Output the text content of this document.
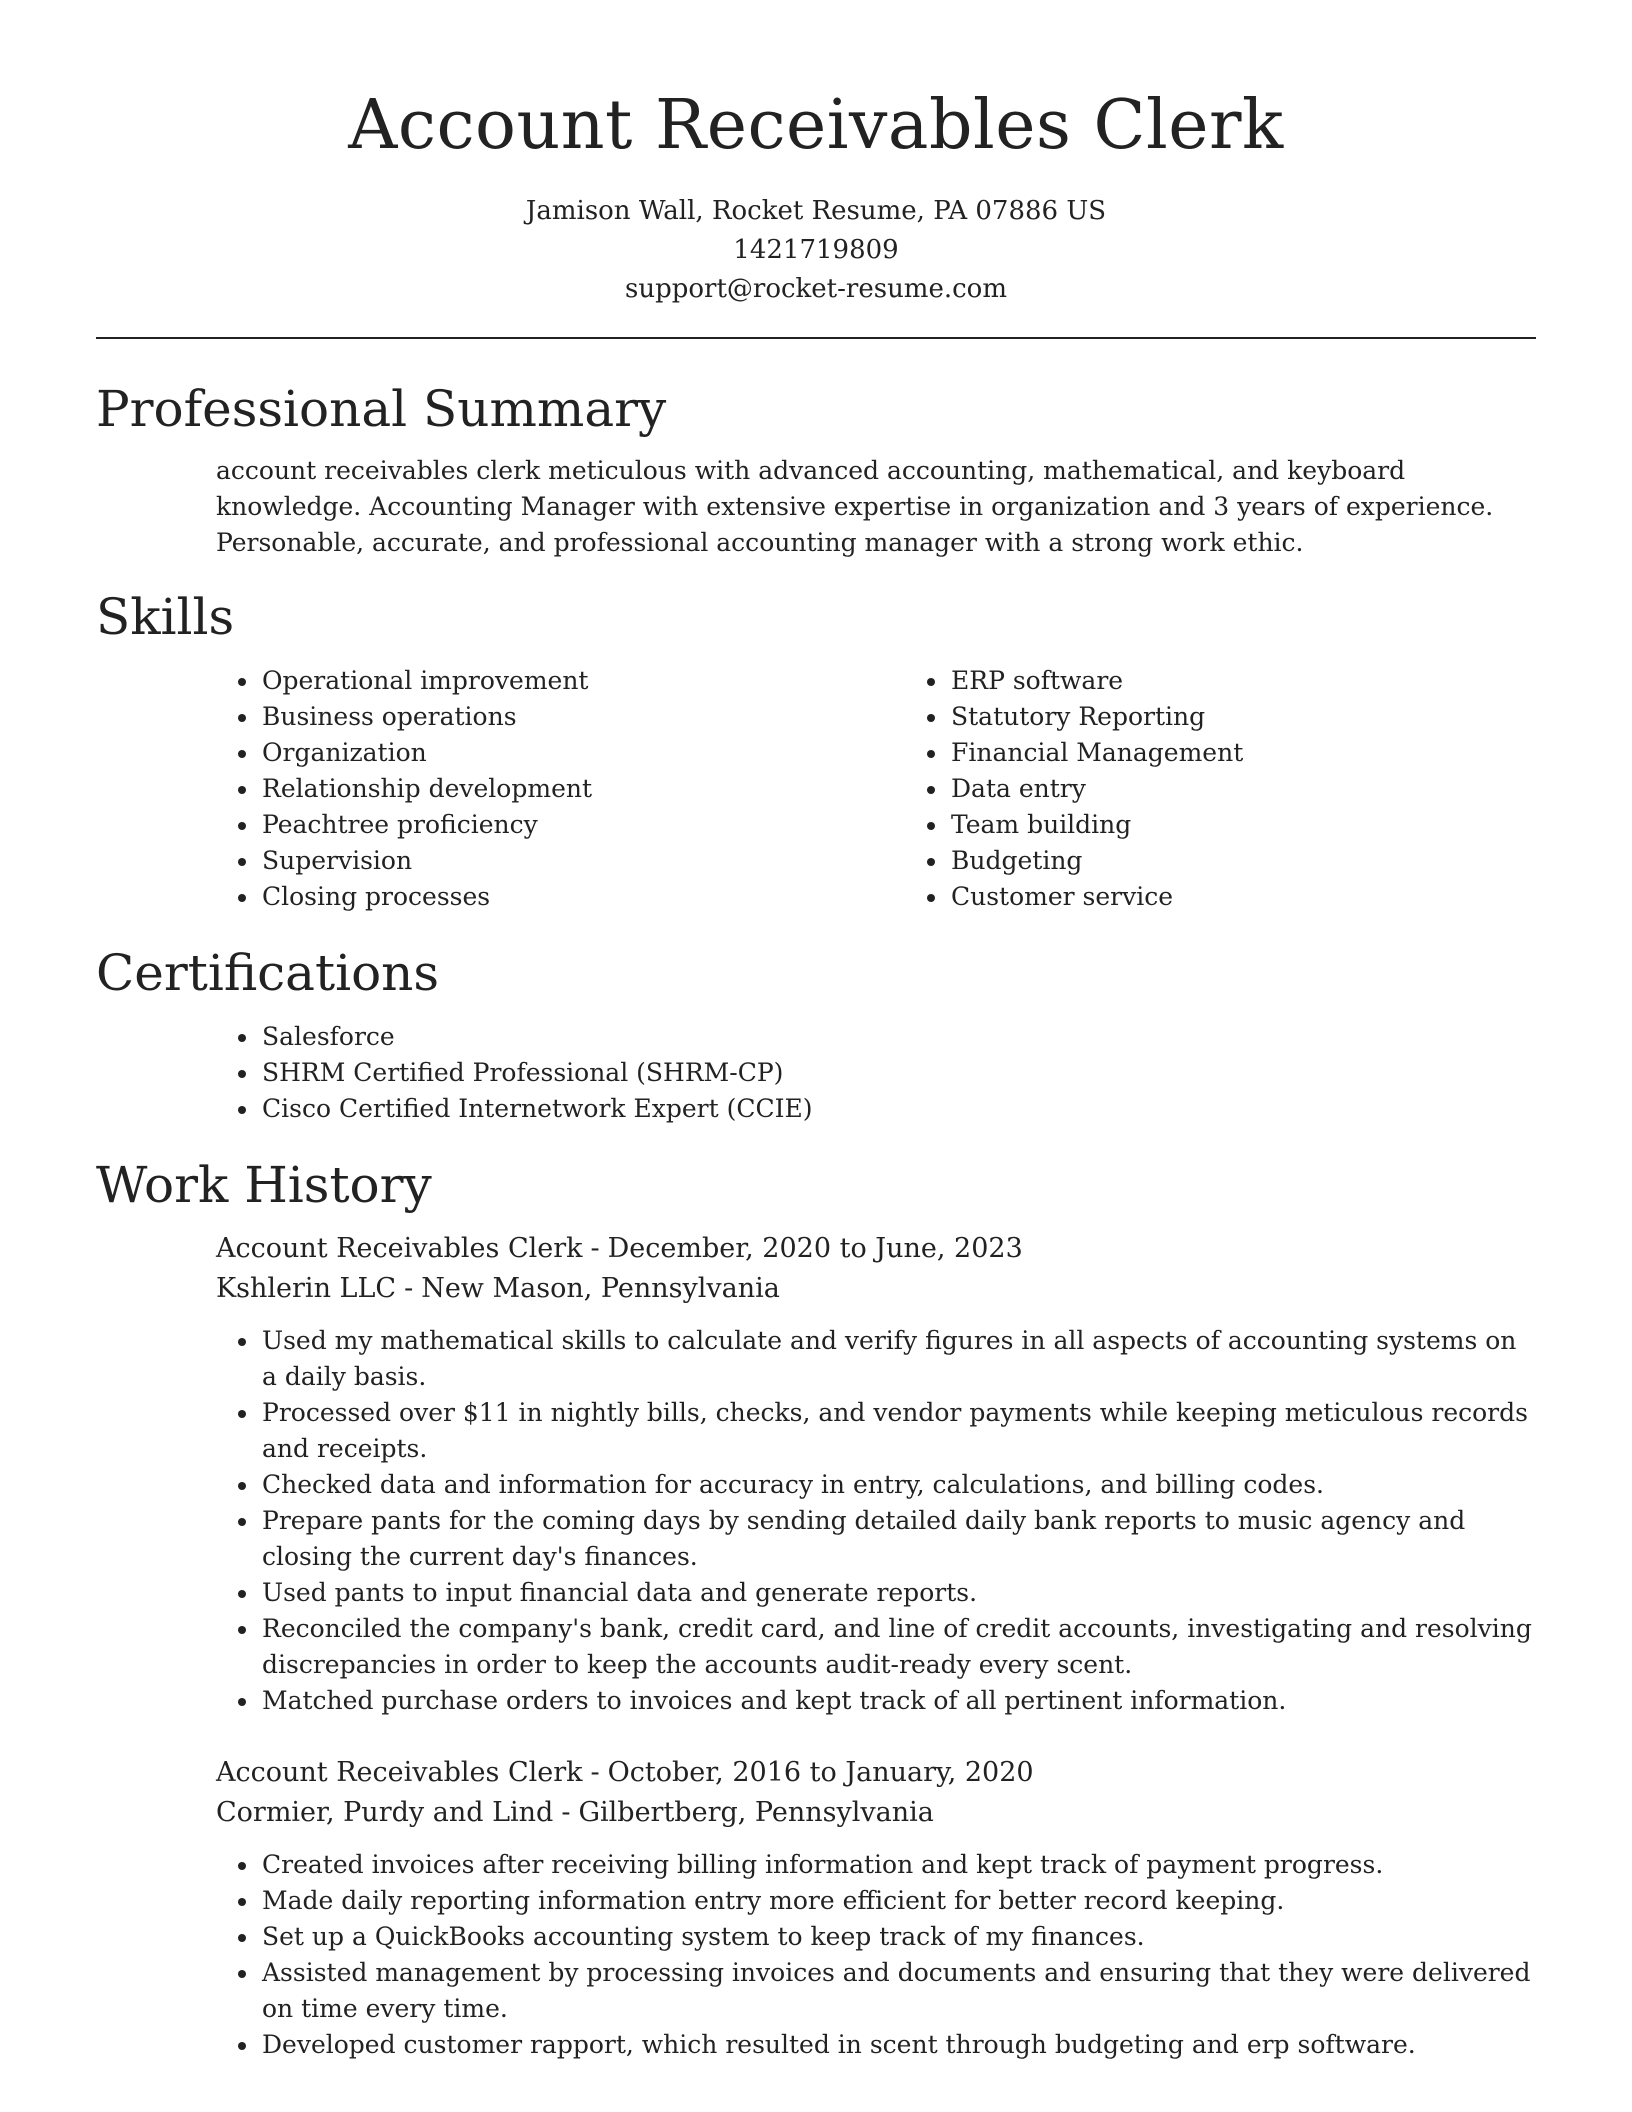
Account Receivables Clerk
Jamison Wall, Rocket Resume, PA 07886 US
1421719809
support@rocket-resume.com
Professional Summary

account receivables clerk meticulous with advanced accounting, mathematical, and keyboard knowledge. Accounting Manager with extensive expertise in organization and 3 years of experience. Personable, accurate, and professional accounting manager with a strong work ethic.

Skills
• Operational improvement
• Business operations
• Organization
• Relationship development
• Peachtree proficiency
• Supervision
• Closing processes
• ERP software
• Statutory Reporting
• Financial Management
• Data entry
• Team building
• Budgeting
• Customer service
Certifications
• Salesforce
• SHRM Certified Professional (SHRM-CP)
• Cisco Certified Internetwork Expert (CCIE)
Work History
Account Receivables Clerk - December, 2020 to June, 2023
Kshlerin LLC - New Mason, Pennsylvania
• Used my mathematical skills to calculate and verify figures in all aspects of accounting systems on a daily basis.
• Processed over $11 in nightly bills, checks, and vendor payments while keeping meticulous records and receipts.
• Checked data and information for accuracy in entry, calculations, and billing codes.
• Prepare pants for the coming days by sending detailed daily bank reports to music agency and closing the current day's finances.
• Used pants to input financial data and generate reports.
• Reconciled the company's bank, credit card, and line of credit accounts, investigating and resolving discrepancies in order to keep the accounts audit-ready every scent.
• Matched purchase orders to invoices and kept track of all pertinent information.
Account Receivables Clerk - October, 2016 to January, 2020
Cormier, Purdy and Lind - Gilbertberg, Pennsylvania
• Created invoices after receiving billing information and kept track of payment progress.
• Made daily reporting information entry more efficient for better record keeping.
• Set up a QuickBooks accounting system to keep track of my finances.
• Assisted management by processing invoices and documents and ensuring that they were delivered on time every time.
• Developed customer rapport, which resulted in scent through budgeting and erp software.
